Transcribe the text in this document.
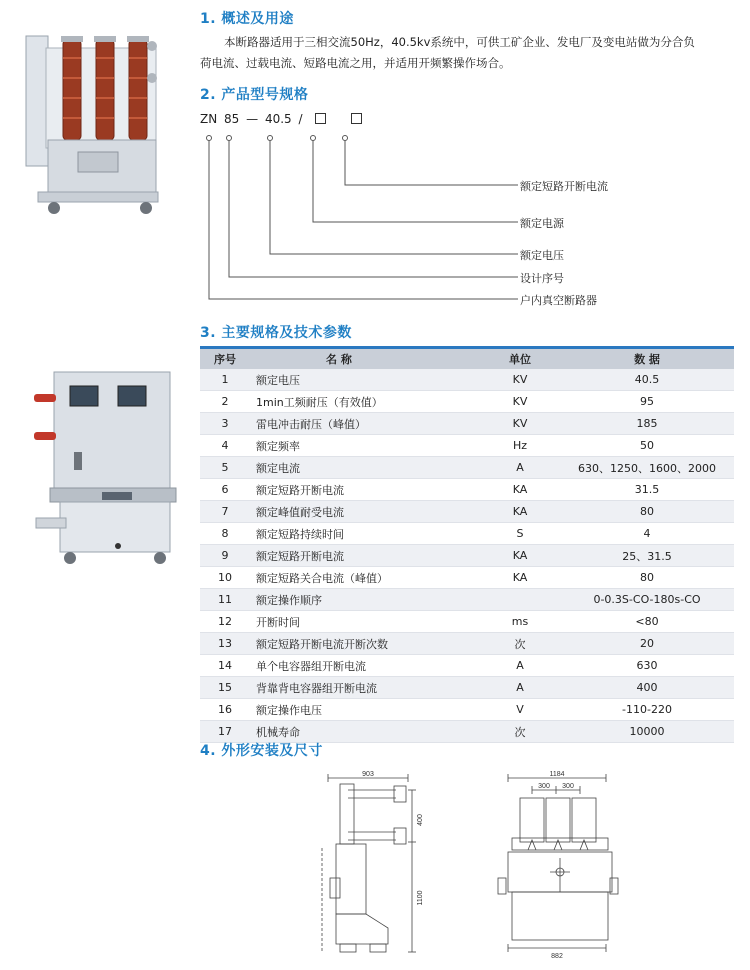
1. 概述及用途
本断路器适用于三相交流50Hz，40.5kv系统中，可供工矿企业、发电厂及变电站做为分合负
荷电流、过载电流、短路电流之用，并适用开频繁操作场合。
2. 产品型号规格
ZN 85 — 40.5 /
额定短路开断电流
额定电源
额定电压
设计序号
户内真空断路器
3. 主要规格及技术参数
序号	名 称	单位	数 据
1	额定电压	KV	40.5
2	1min工频耐压（有效值）	KV	95
3	雷电冲击耐压（峰值）	KV	185
4	额定频率	Hz	50
5	额定电流	A	630、1250、1600、2000
6	额定短路开断电流	KA	31.5
7	额定峰值耐受电流	KA	80
8	额定短路持续时间	S	4
9	额定短路开断电流	KA	25、31.5
10	额定短路关合电流（峰值）	KA	80
11	额定操作顺序		0-0.3S-CO-180s-CO
12	开断时间	ms	<80
13	额定短路开断电流开断次数	次	20
14	单个电容器组开断电流	A	630
15	背靠背电容器组开断电流	A	400
16	额定操作电压	V	-110-220
17	机械寿命	次	10000
4. 外形安装及尺寸
903
400
1100
1184
300 300
882
